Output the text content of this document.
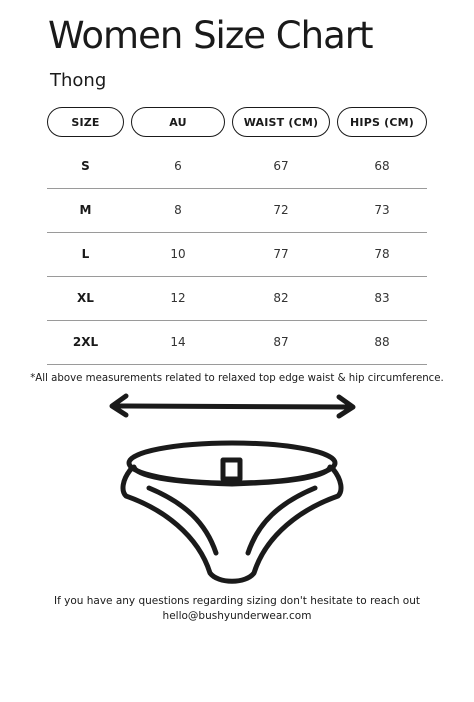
Women Size Chart
Thong
SIZE	AU	WAIST (CM)	HIPS (CM)
S	6	67	68
M	8	72	73
L	10	77	78
XL	12	82	83
2XL	14	87	88
*All above measurements related to relaxed top edge waist & hip circumference.
If you have any questions regarding sizing don't hesitate to reach out
hello@bushyunderwear.com
